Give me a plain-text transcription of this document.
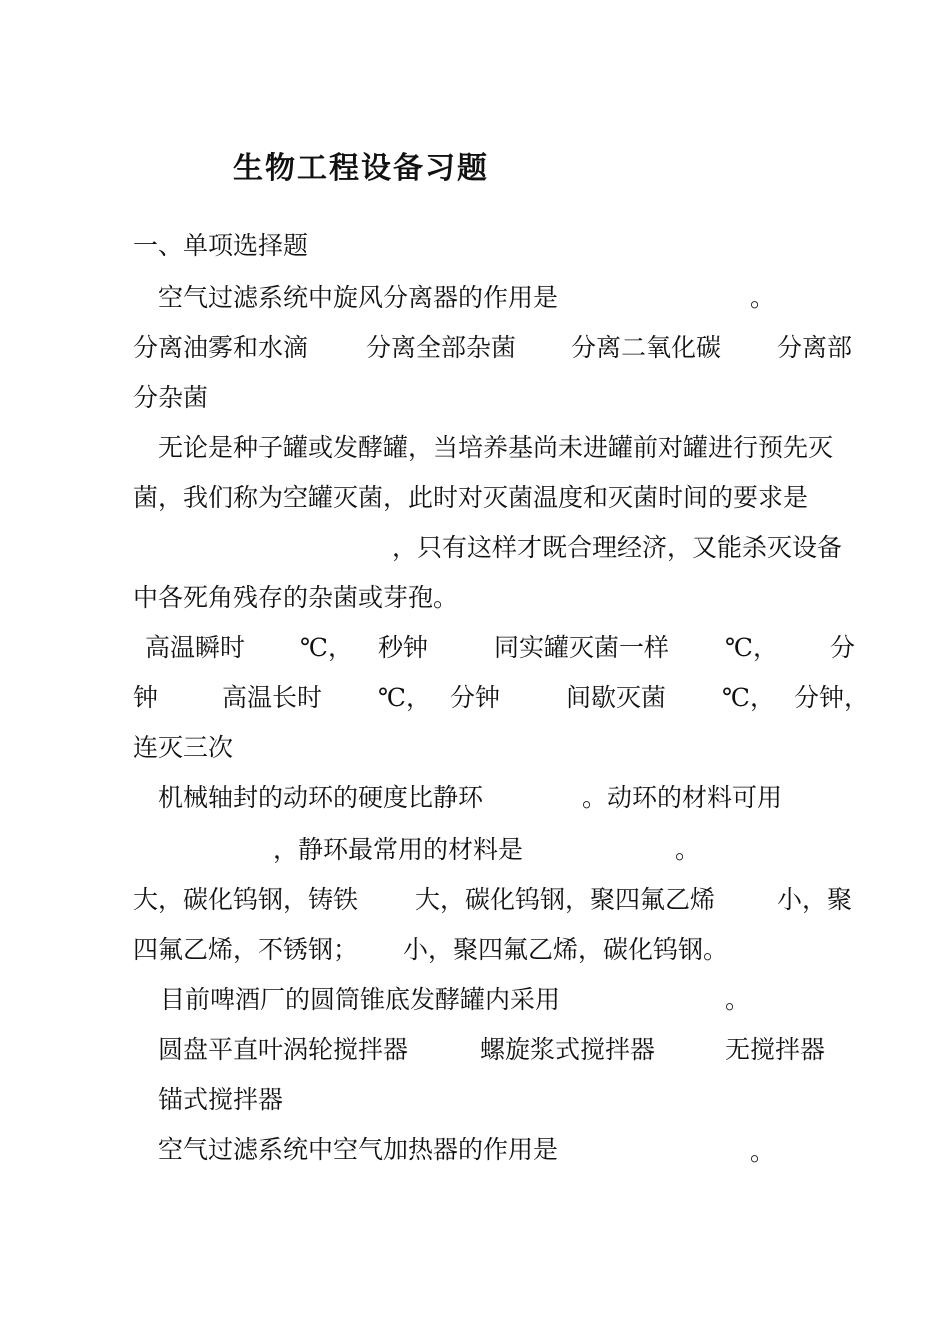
生物工程设备习题
一、单项选择题
空气过滤系统中旋风分离器的作用是	。
分离油雾和水滴 分离全部杂菌 分离二氧化碳 分离部
分杂菌
无论是种子罐或发酵罐，当培养基尚未进罐前对罐进行预先灭
菌，我们称为空罐灭菌，此时对灭菌温度和灭菌时间的要求是
，只有这样才既合理经济，又能杀灭设备
中各死角残存的杂菌或芽孢。
高温瞬时 ℃， 秒钟	同实罐灭菌一样 ℃， 分
钟	高温长时 ℃， 分钟	间歇灭菌 ℃， 分钟，
连灭三次
机械轴封的动环的硬度比静环	。动环的材料可用
，静环最常用的材料是	。
大，碳化钨钢，铸铁 大，碳化钨钢，聚四氟乙烯 小，聚
四氟乙烯，不锈钢； 小，聚四氟乙烯，碳化钨钢。
目前啤酒厂的圆筒锥底发酵罐内采用	。
圆盘平直叶涡轮搅拌器	螺旋浆式搅拌器	无搅拌器
锚式搅拌器
空气过滤系统中空气加热器的作用是	。
